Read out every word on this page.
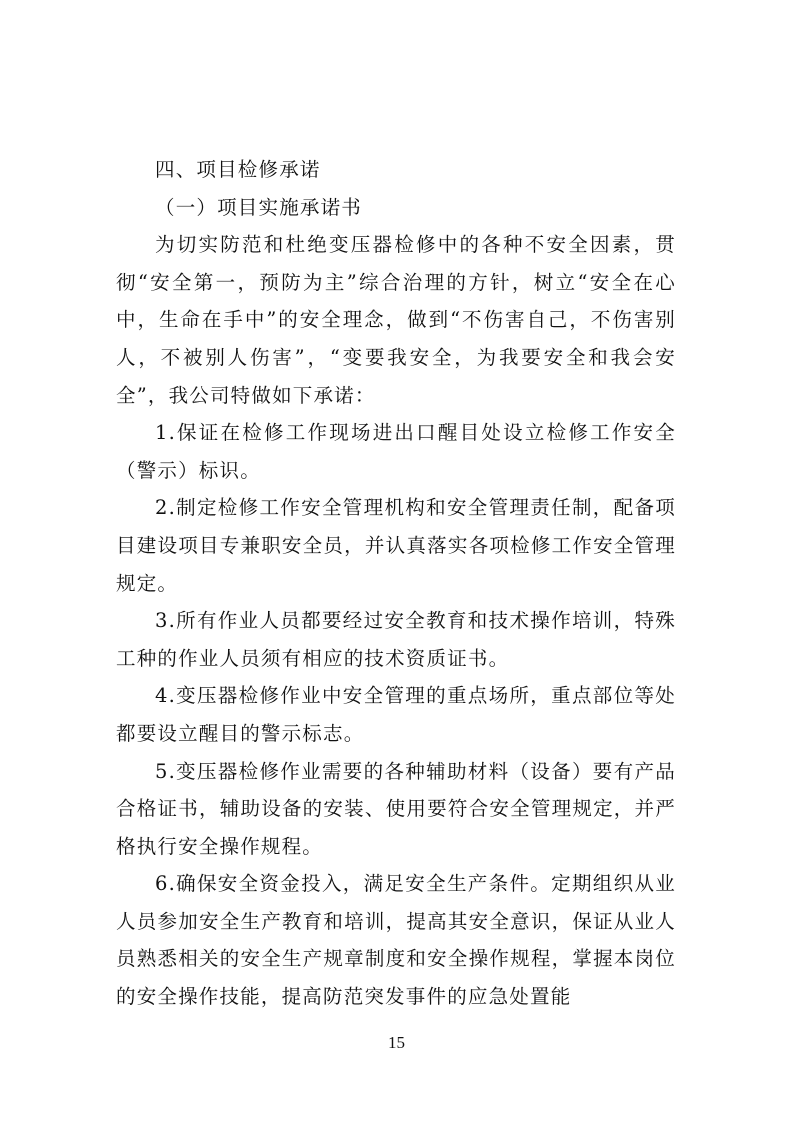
四、项目检修承诺

（一）项目实施承诺书

为切实防范和杜绝变压器检修中的各种不安全因素，贯彻“安全第一，预防为主”综合治理的方针，树立“安全在心中，生命在手中”的安全理念，做到“不伤害自己，不伤害别人，不被别人伤害”，“变要我安全，为我要安全和我会安全”，我公司特做如下承诺：

1.保证在检修工作现场进出口醒目处设立检修工作安全（警示）标识。

2.制定检修工作安全管理机构和安全管理责任制，配备项目建设项目专兼职安全员，并认真落实各项检修工作安全管理规定。

3.所有作业人员都要经过安全教育和技术操作培训，特殊工种的作业人员须有相应的技术资质证书。

4.变压器检修作业中安全管理的重点场所，重点部位等处都要设立醒目的警示标志。

5.变压器检修作业需要的各种辅助材料（设备）要有产品合格证书，辅助设备的安装、使用要符合安全管理规定，并严格执行安全操作规程。

6.确保安全资金投入，满足安全生产条件。定期组织从业人员参加安全生产教育和培训，提高其安全意识，保证从业人员熟悉相关的安全生产规章制度和安全操作规程，掌握本岗位的安全操作技能，提高防范突发事件的应急处置能

15
